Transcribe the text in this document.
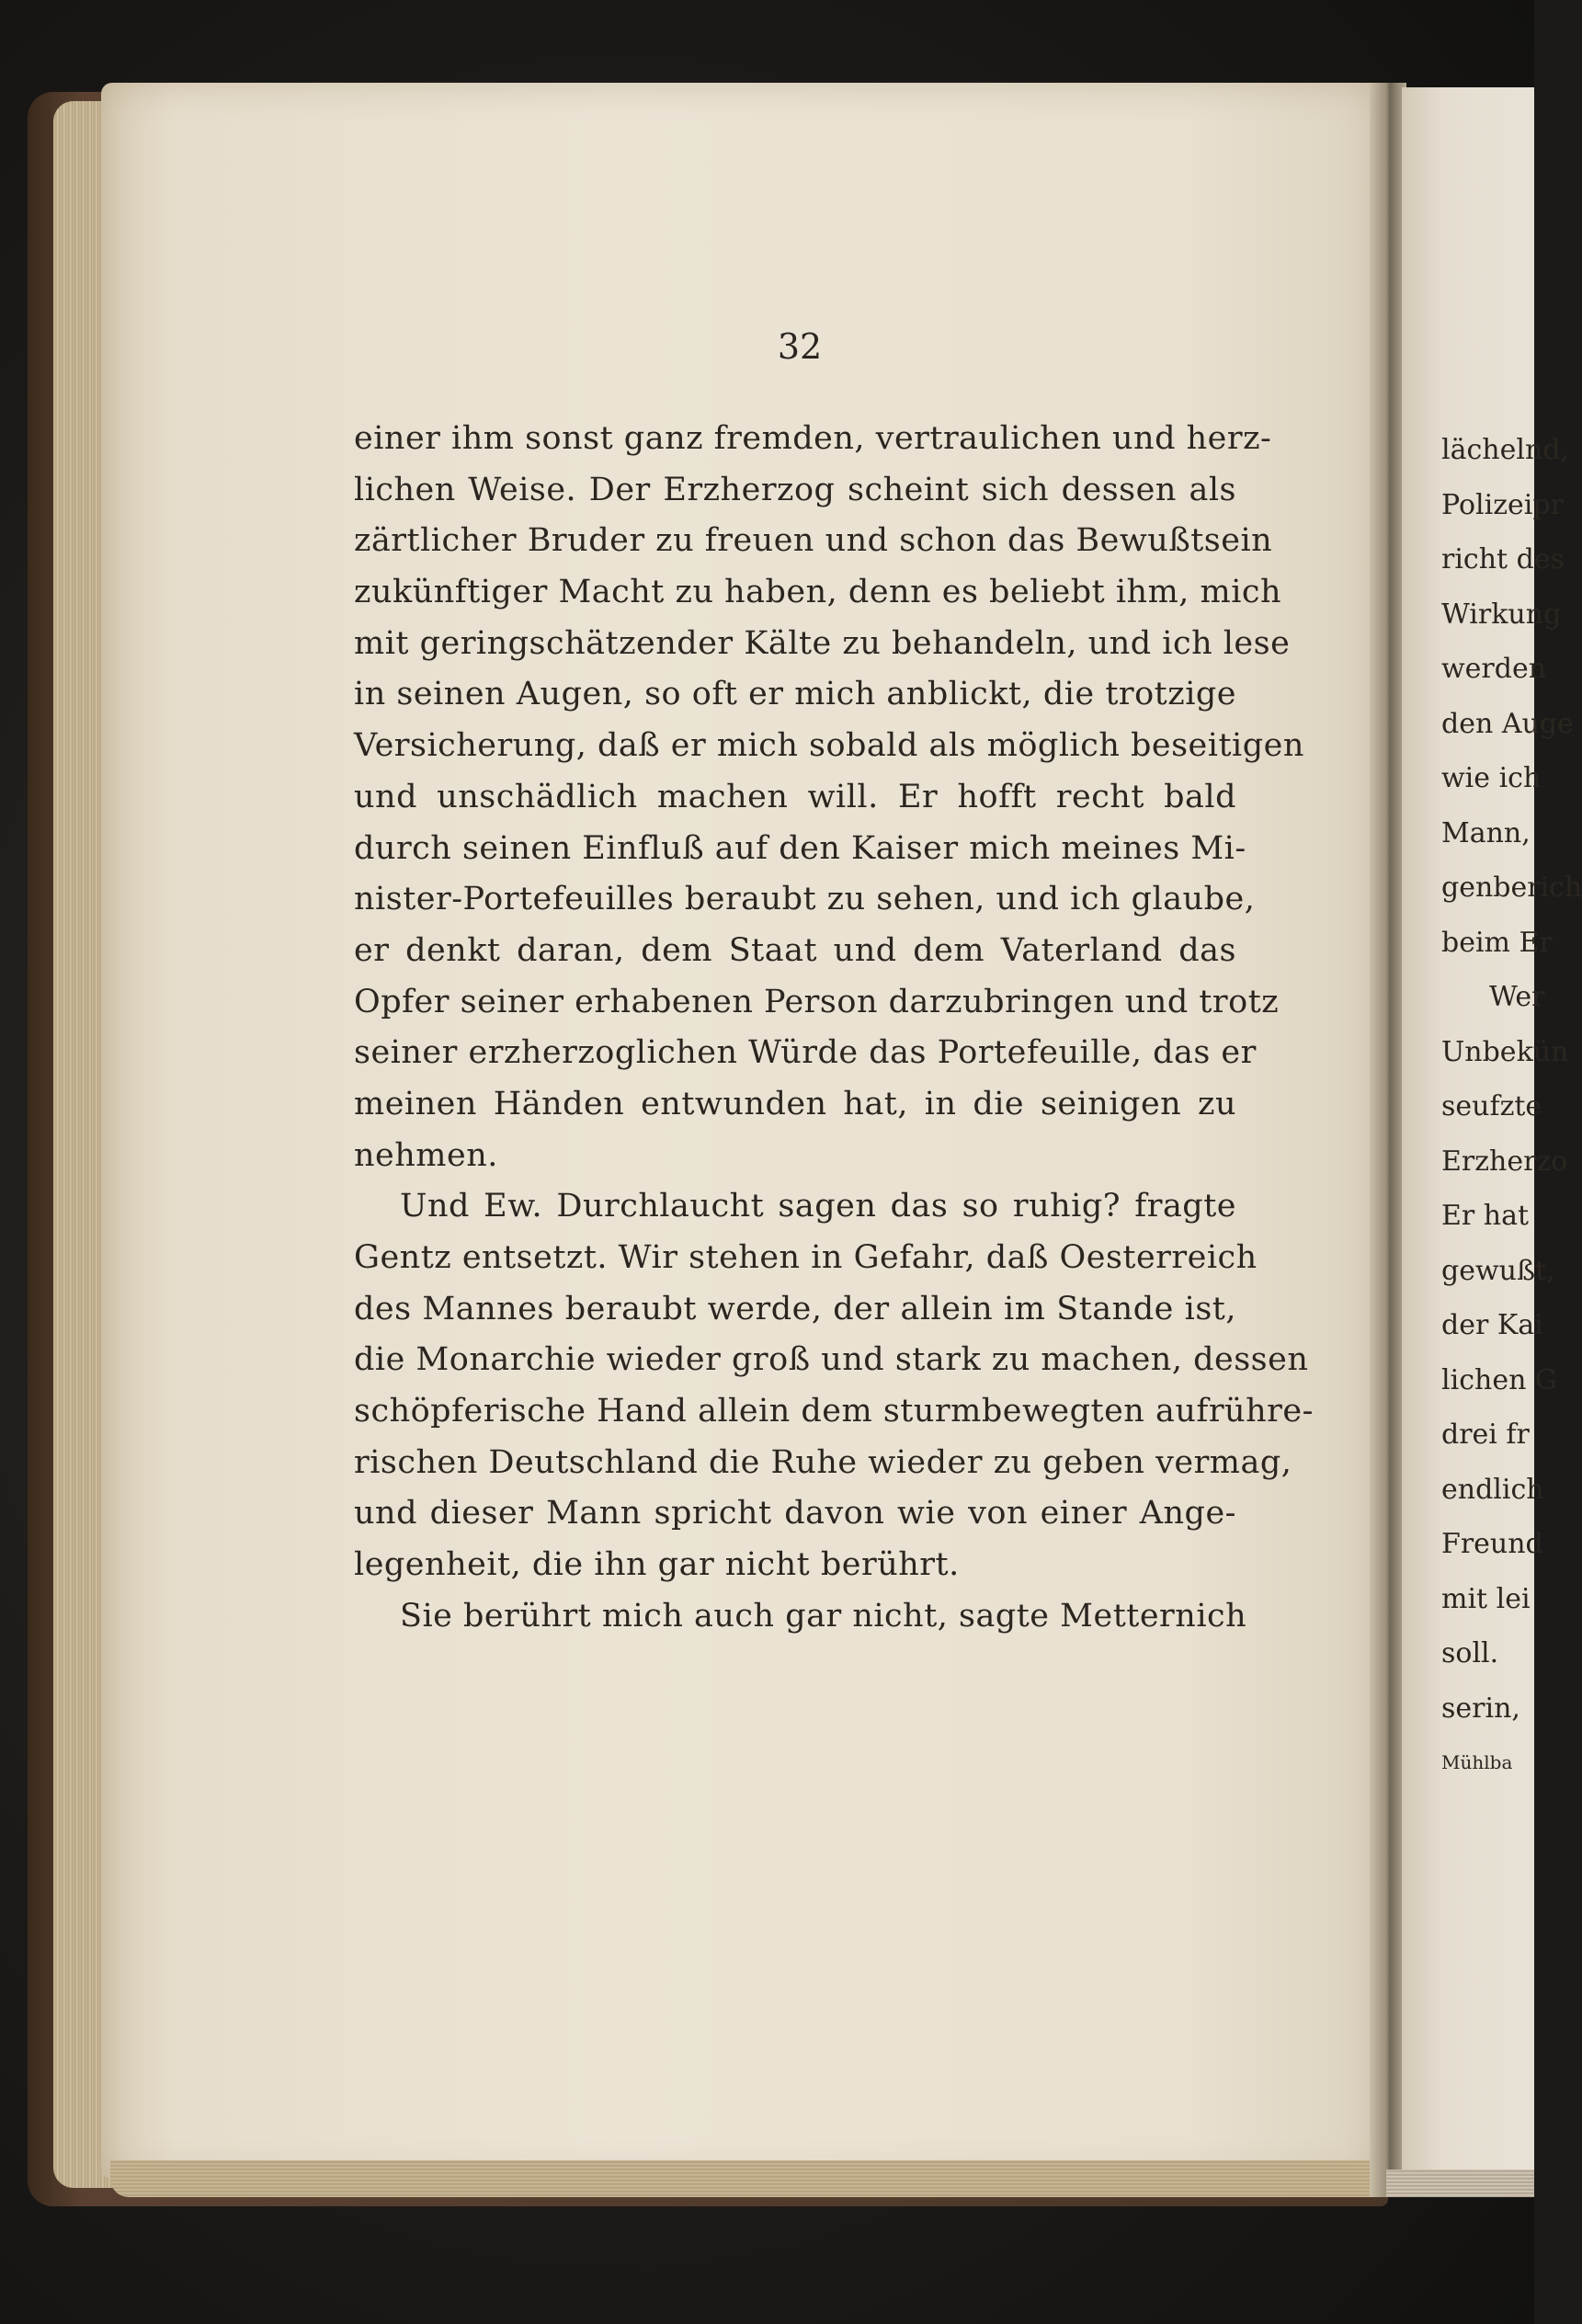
32
einer ihm sonst ganz fremden, vertraulichen und herz-
lichen Weise. Der Erzherzog scheint sich dessen als
zärtlicher Bruder zu freuen und schon das Bewußtsein
zukünftiger Macht zu haben, denn es beliebt ihm, mich
mit geringschätzender Kälte zu behandeln, und ich lese
in seinen Augen, so oft er mich anblickt, die trotzige
Versicherung, daß er mich sobald als möglich beseitigen
und unschädlich machen will. Er hofft recht bald
durch seinen Einfluß auf den Kaiser mich meines Mi-
nister-Portefeuilles beraubt zu sehen, und ich glaube,
er denkt daran, dem Staat und dem Vaterland das
Opfer seiner erhabenen Person darzubringen und trotz
seiner erzherzoglichen Würde das Portefeuille, das er
meinen Händen entwunden hat, in die seinigen zu
nehmen.
Und Ew. Durchlaucht sagen das so ruhig? fragte
Gentz entsetzt. Wir stehen in Gefahr, daß Oesterreich
des Mannes beraubt werde, der allein im Stande ist,
die Monarchie wieder groß und stark zu machen, dessen
schöpferische Hand allein dem sturmbewegten aufrühre-
rischen Deutschland die Ruhe wieder zu geben vermag,
und dieser Mann spricht davon wie von einer Ange-
legenheit, die ihn gar nicht berührt.
Sie berührt mich auch gar nicht, sagte Metternich
lächelnd,
Polizeipr
richt des
Wirkung
werden
den Auge
wie ich
Mann,
genberich
beim Er
Wer
Unbekün
seufzte
Erzherzo
Er hat
gewußt,
der Kai
lichen G
drei fr
endlich
Freund
mit lei
soll.
serin,
Mühlba
